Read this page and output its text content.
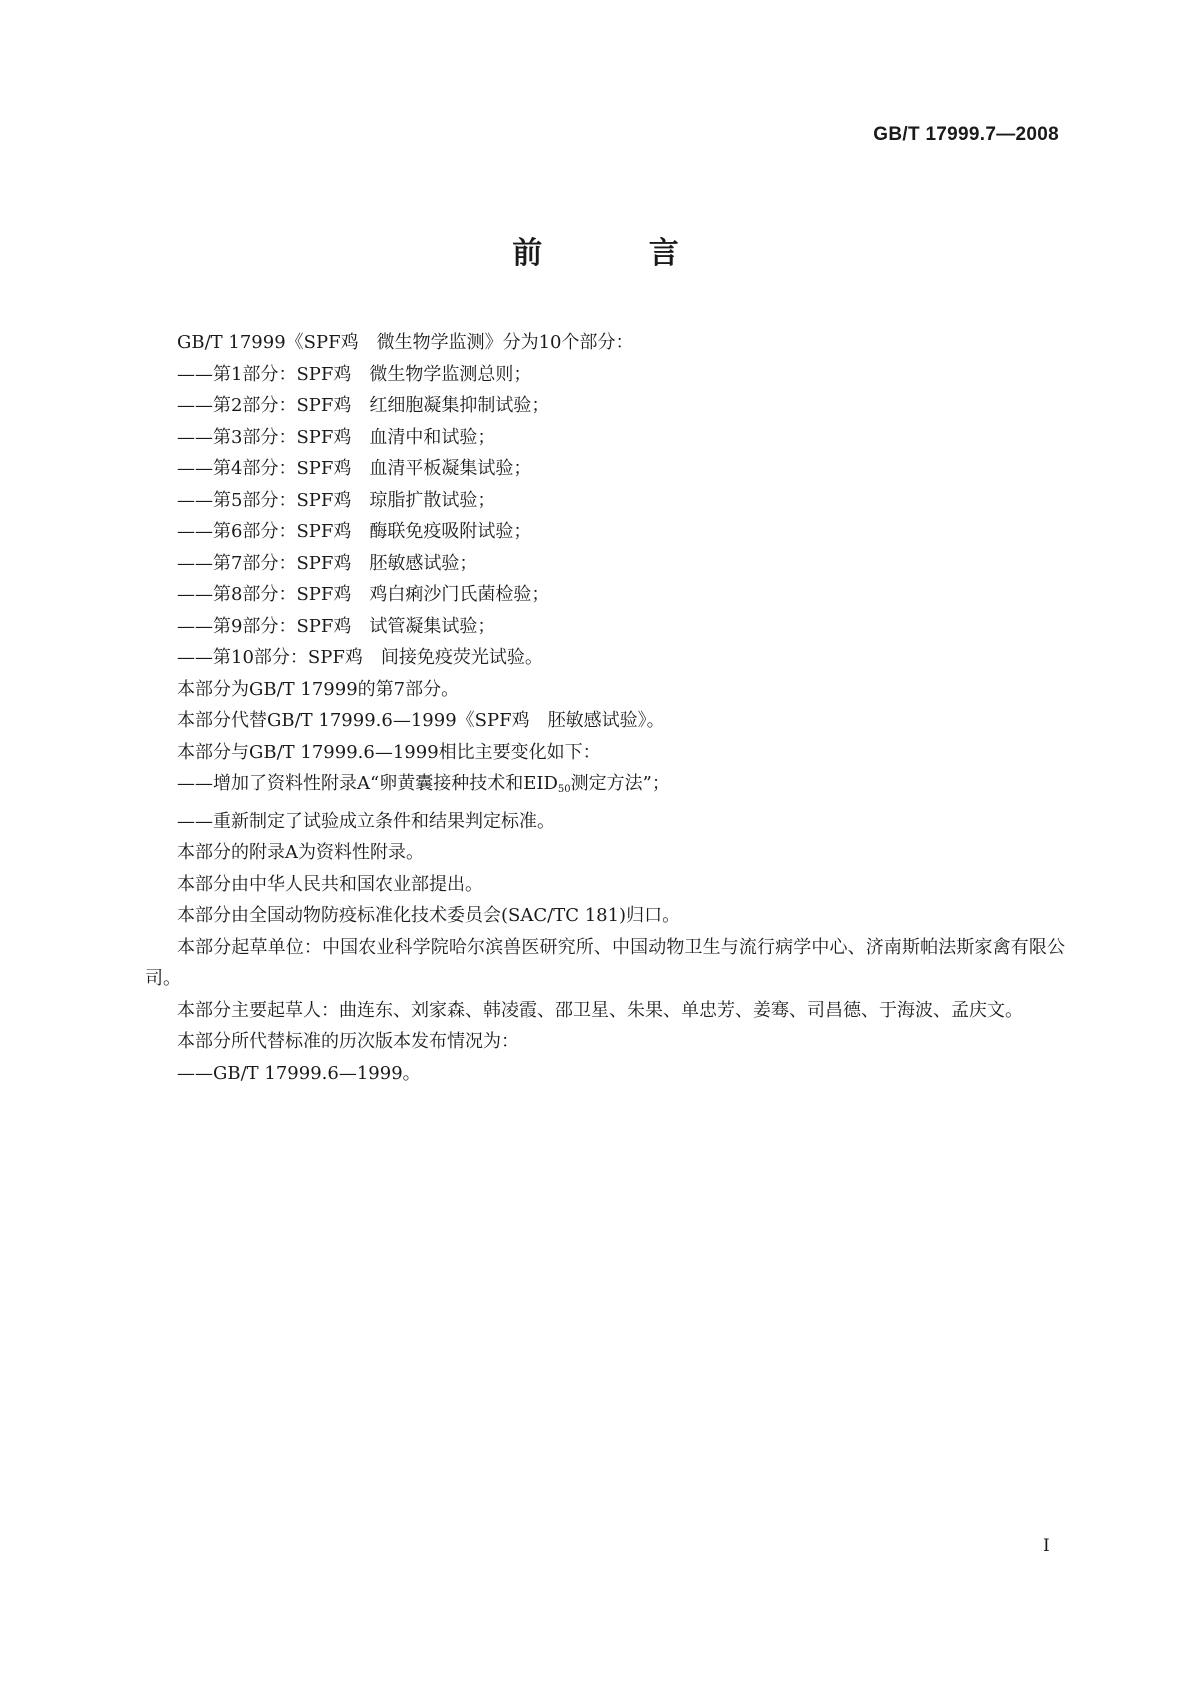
GB/T 17999.7—2008
前 言

GB/T 17999《SPF鸡　微生物学监测》分为10个部分：

——第1部分：SPF鸡　微生物学监测总则；

——第2部分：SPF鸡　红细胞凝集抑制试验；

——第3部分：SPF鸡　血清中和试验；

——第4部分：SPF鸡　血清平板凝集试验；

——第5部分：SPF鸡　琼脂扩散试验；

——第6部分：SPF鸡　酶联免疫吸附试验；

——第7部分：SPF鸡　胚敏感试验；

——第8部分：SPF鸡　鸡白痢沙门氏菌检验；

——第9部分：SPF鸡　试管凝集试验；

——第10部分：SPF鸡　间接免疫荧光试验。

本部分为GB/T 17999的第7部分。

本部分代替GB/T 17999.6—1999《SPF鸡　胚敏感试验》。

本部分与GB/T 17999.6—1999相比主要变化如下：

——增加了资料性附录A“卵黄囊接种技术和$EID_{50}$测定方法”；

——重新制定了试验成立条件和结果判定标准。

本部分的附录A为资料性附录。

本部分由中华人民共和国农业部提出。

本部分由全国动物防疫标准化技术委员会(SAC/TC 181)归口。

本部分起草单位：中国农业科学院哈尔滨兽医研究所、中国动物卫生与流行病学中心、济南斯帕法斯家禽有限公司。

本部分主要起草人：曲连东、刘家森、韩凌霞、邵卫星、朱果、单忠芳、姜骞、司昌德、于海波、孟庆文。

本部分所代替标准的历次版本发布情况为：

——GB/T 17999.6—1999。

I
